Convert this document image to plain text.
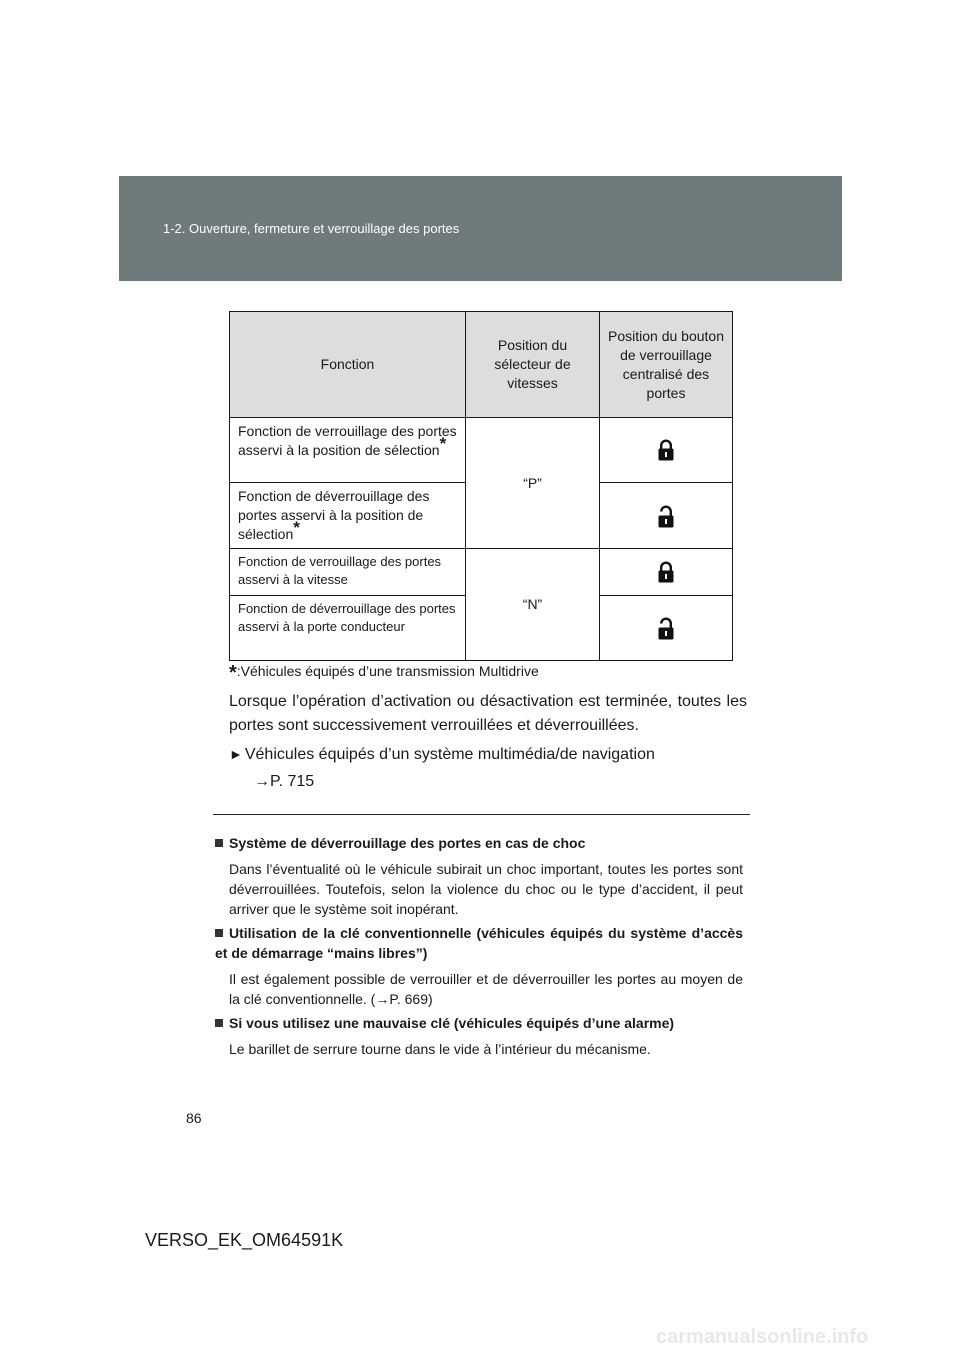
1-2. Ouverture, fermeture et verrouillage des portes
Fonction	Position du sélecteur de vitesses	Position du bouton de verrouillage centralisé des portes
Fonction de verrouillage des portes asservi à la position de sélection*	“P”	
Fonction de déverrouillage des portes asservi à la position de sélection*	
Fonction de verrouillage des portes asservi à la vitesse	“N”	
Fonction de déverrouillage des portes asservi à la porte conducteur	
*:Véhicules équipés d’une transmission Multidrive
Lorsque l’opération d’activation ou désactivation est terminée, toutes les portes sont successivement verrouillées et déverrouillées.
► Véhicules équipés d’un système multimédia/de navigation
→P. 715
Système de déverrouillage des portes en cas de choc
Dans l’éventualité où le véhicule subirait un choc important, toutes les portes sont déverrouillées. Toutefois, selon la violence du choc ou le type d’accident, il peut arriver que le système soit inopérant.
Utilisation de la clé conventionnelle (véhicules équipés du système d’accès et de démarrage “mains libres”)
Il est également possible de verrouiller et de déverrouiller les portes au moyen de la clé conventionnelle. (→P. 669)
Si vous utilisez une mauvaise clé (véhicules équipés d’une alarme)
Le barillet de serrure tourne dans le vide à l’intérieur du mécanisme.
86
VERSO_EK_OM64591K
carmanualsonline.info
